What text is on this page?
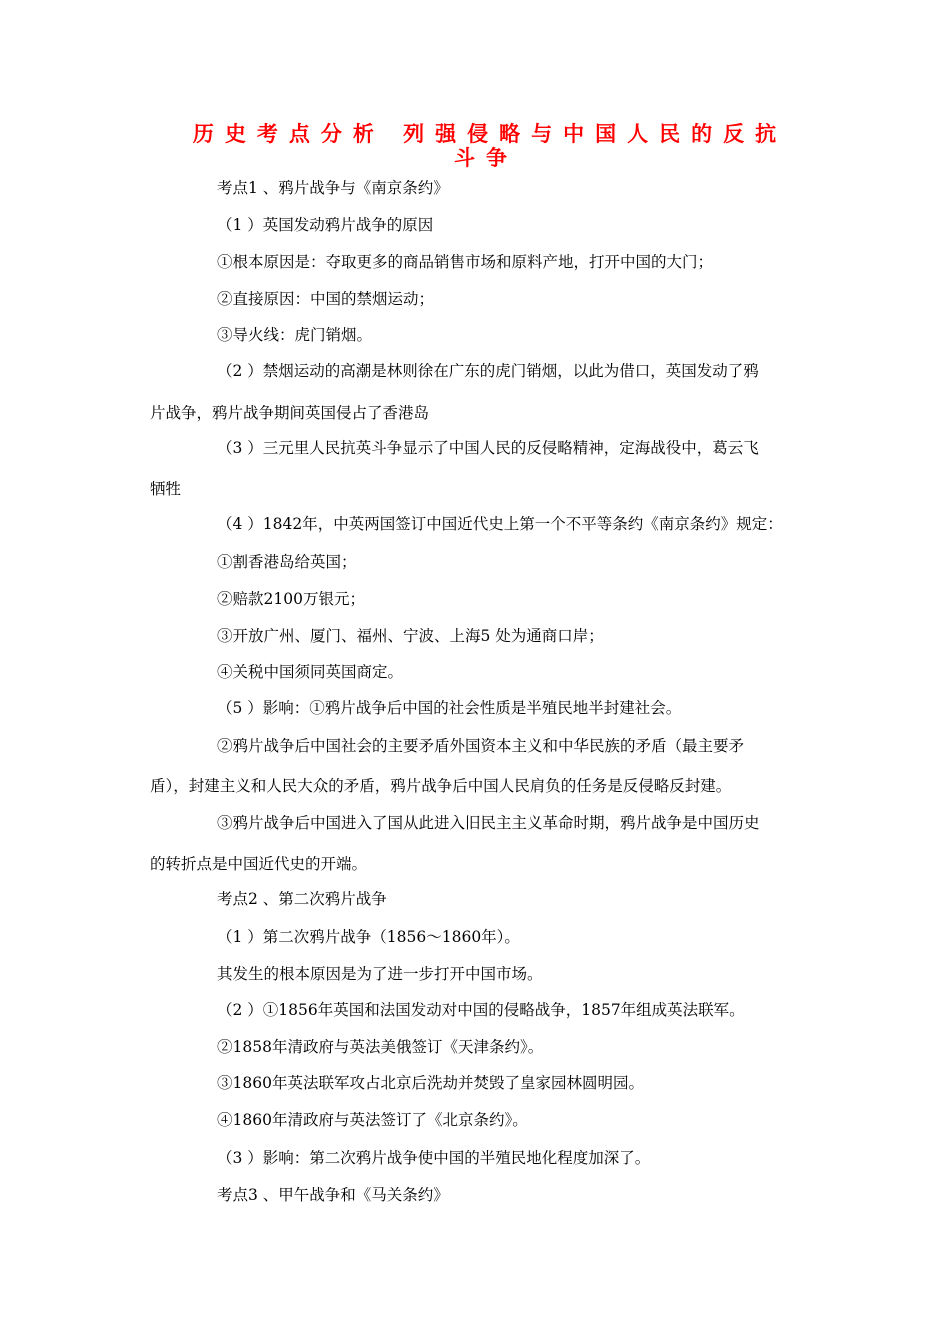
历史考点分析 列强侵略与中国人民的反抗
斗争
考点1 、鸦片战争与《南京条约》
（1 ）英国发动鸦片战争的原因
①根本原因是：夺取更多的商品销售市场和原料产地，打开中国的大门；
②直接原因：中国的禁烟运动；
③导火线：虎门销烟。
（2 ）禁烟运动的高潮是林则徐在广东的虎门销烟，以此为借口，英国发动了鸦
片战争，鸦片战争期间英国侵占了香港岛
（3 ）三元里人民抗英斗争显示了中国人民的反侵略精神，定海战役中，葛云飞
牺牲
（4 ）1842年，中英两国签订中国近代史上第一个不平等条约《南京条约》规定：
①割香港岛给英国；
②赔款2100万银元；
③开放广州、厦门、福州、宁波、上海5 处为通商口岸；
④关税中国须同英国商定。
（5 ）影响：①鸦片战争后中国的社会性质是半殖民地半封建社会。
②鸦片战争后中国社会的主要矛盾外国资本主义和中华民族的矛盾（最主要矛
盾），封建主义和人民大众的矛盾，鸦片战争后中国人民肩负的任务是反侵略反封建。
③鸦片战争后中国进入了国从此进入旧民主主义革命时期，鸦片战争是中国历史
的转折点是中国近代史的开端。
考点2 、第二次鸦片战争
（1 ）第二次鸦片战争（1856～1860年）。
其发生的根本原因是为了进一步打开中国市场。
（2 ）①1856年英国和法国发动对中国的侵略战争，1857年组成英法联军。
②1858年清政府与英法美俄签订《天津条约》。
③1860年英法联军攻占北京后洗劫并焚毁了皇家园林圆明园。
④1860年清政府与英法签订了《北京条约》。
（3 ）影响：第二次鸦片战争使中国的半殖民地化程度加深了。
考点3 、甲午战争和《马关条约》
